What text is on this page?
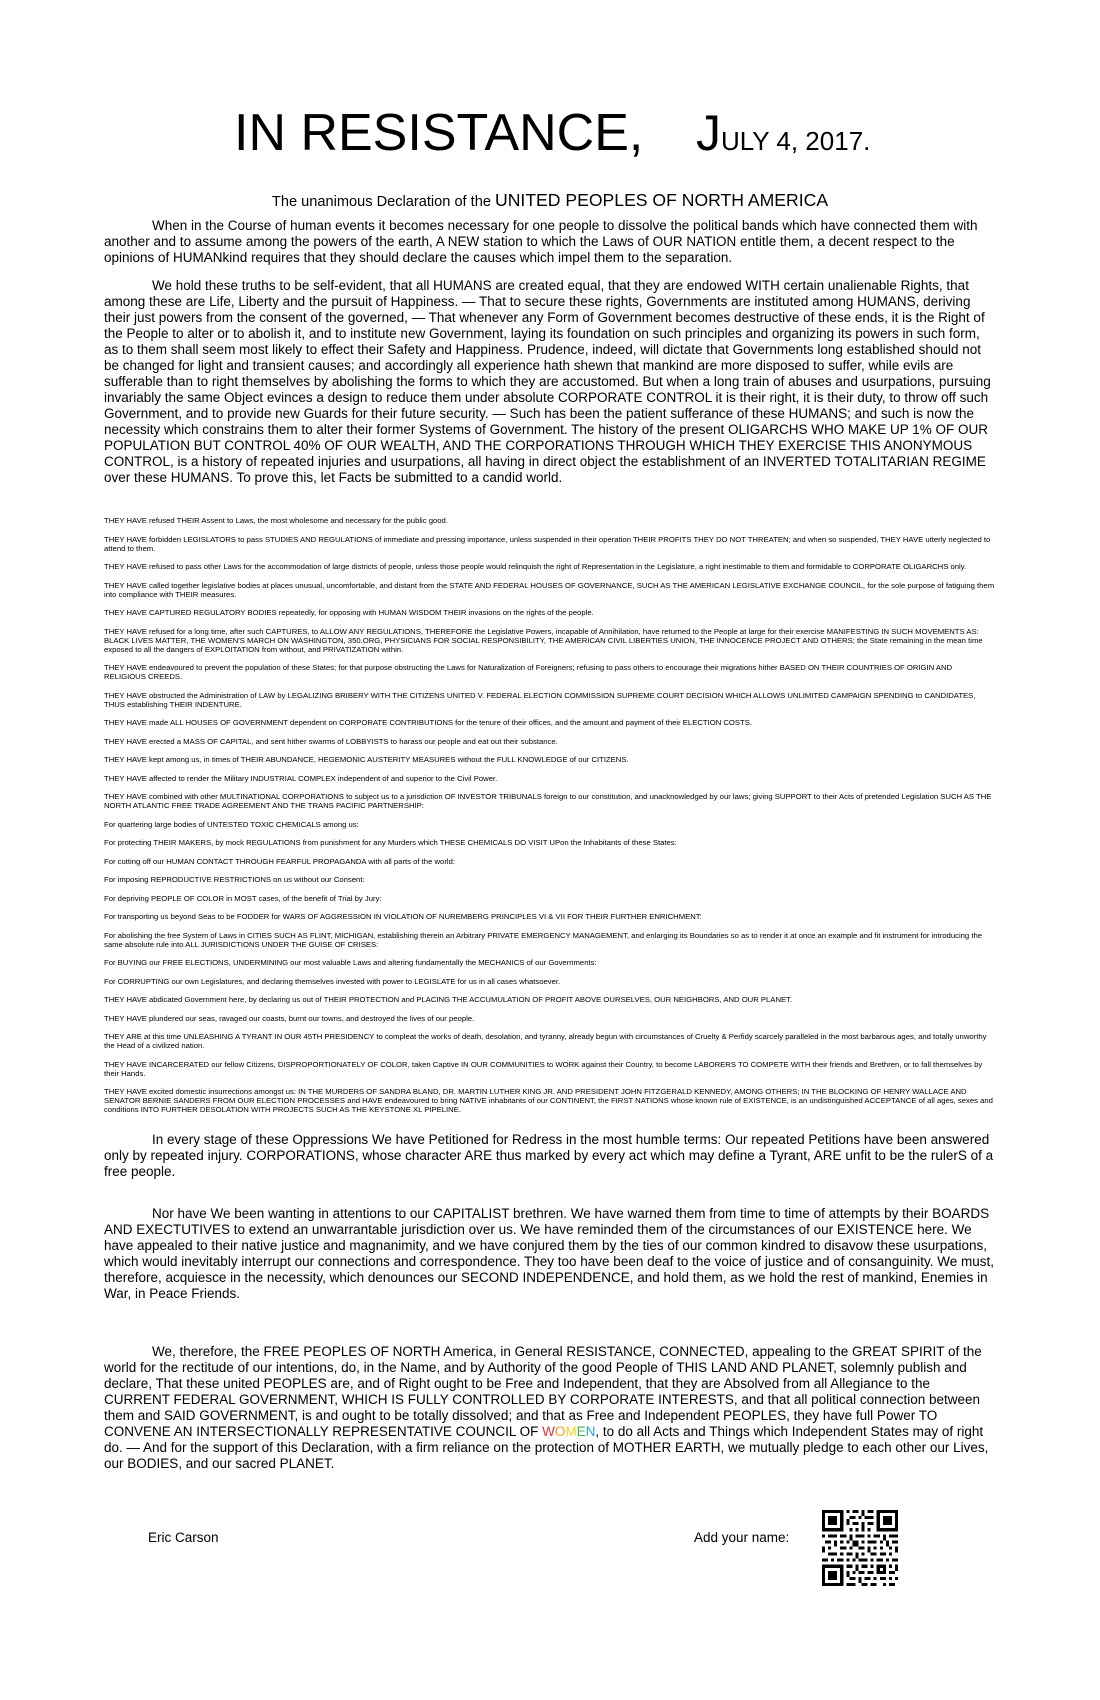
IN RESISTANCE, JULY 4, 2017.
The unanimous Declaration of the UNITED PEOPLES OF NORTH AMERICA

When in the Course of human events it becomes necessary for one people to dissolve the political bands which have connected them with another and to assume among the powers of the earth, A NEW station to which the Laws of OUR NATION entitle them, a decent respect to the opinions of HUMANkind requires that they should declare the causes which impel them to the separation.

We hold these truths to be self-evident, that all HUMANS are created equal, that they are endowed WITH certain unalienable Rights, that among these are Life, Liberty and the pursuit of Happiness. — That to secure these rights, Governments are instituted among HUMANS, deriving their just powers from the consent of the governed, — That whenever any Form of Government becomes destructive of these ends, it is the Right of the People to alter or to abolish it, and to institute new Government, laying its foundation on such principles and organizing its powers in such form, as to them shall seem most likely to effect their Safety and Happiness. Prudence, indeed, will dictate that Governments long established should not be changed for light and transient causes; and accordingly all experience hath shewn that mankind are more disposed to suffer, while evils are sufferable than to right themselves by abolishing the forms to which they are accustomed. But when a long train of abuses and usurpations, pursuing invariably the same Object evinces a design to reduce them under absolute CORPORATE CONTROL it is their right, it is their duty, to throw off such Government, and to provide new Guards for their future security. — Such has been the patient sufferance of these HUMANS; and such is now the necessity which constrains them to alter their former Systems of Government. The history of the present OLIGARCHS WHO MAKE UP 1% OF OUR POPULATION BUT CONTROL 40% OF OUR WEALTH, AND THE CORPORATIONS THROUGH WHICH THEY EXERCISE THIS ANONYMOUS CONTROL, is a history of repeated injuries and usurpations, all having in direct object the establishment of an INVERTED TOTALITARIAN REGIME over these HUMANS. To prove this, let Facts be submitted to a candid world.

THEY HAVE refused THEIR Assent to Laws, the most wholesome and necessary for the public good.

THEY HAVE forbidden LEGISLATORS to pass STUDIES AND REGULATIONS of immediate and pressing importance, unless suspended in their operation THEIR PROFITS THEY DO NOT THREATEN; and when so suspended, THEY HAVE utterly neglected to attend to them.

THEY HAVE refused to pass other Laws for the accommodation of large districts of people, unless those people would relinquish the right of Representation in the Legislature, a right inestimable to them and formidable to CORPORATE OLIGARCHS only.

THEY HAVE called together legislative bodies at places unusual, uncomfortable, and distant from the STATE AND FEDERAL HOUSES OF GOVERNANCE, SUCH AS THE AMERICAN LEGISLATIVE EXCHANGE COUNCIL, for the sole purpose of fatiguing them into compliance with THEIR measures.

THEY HAVE CAPTURED REGULATORY BODIES repeatedly, for opposing with HUMAN WISDOM THEIR invasions on the rights of the people.

THEY HAVE refused for a long time, after such CAPTURES, to ALLOW ANY REGULATIONS, THEREFORE the Legislative Powers, incapable of Annihilation, have returned to the People at large for their exercise MANIFESTING IN SUCH MOVEMENTS AS: BLACK LIVES MATTER, THE WOMEN'S MARCH ON WASHINGTON, 350.ORG, PHYSICIANS FOR SOCIAL RESPONSIBILITY, THE AMERICAN CIVIL LIBERTIES UNION, THE INNOCENCE PROJECT AND OTHERS; the State remaining in the mean time exposed to all the dangers of EXPLOITATION from without, and PRIVATIZATION within.

THEY HAVE endeavoured to prevent the population of these States; for that purpose obstructing the Laws for Naturalization of Foreigners; refusing to pass others to encourage their migrations hither BASED ON THEIR COUNTRIES OF ORIGIN AND RELIGIOUS CREEDS.

THEY HAVE obstructed the Administration of LAW by LEGALIZING BRIBERY WITH THE CITIZENS UNITED V. FEDERAL ELECTION COMMISSION SUPREME COURT DECISION WHICH ALLOWS UNLIMITED CAMPAIGN SPENDING to CANDIDATES, THUS establishing THEIR INDENTURE.

THEY HAVE made ALL HOUSES OF GOVERNMENT dependent on CORPORATE CONTRIBUTIONS for the tenure of their offices, and the amount and payment of their ELECTION COSTS.

THEY HAVE erected a MASS OF CAPITAL, and sent hither swarms of LOBBYISTS to harass our people and eat out their substance.

THEY HAVE kept among us, in times of THEIR ABUNDANCE, HEGEMONIC AUSTERITY MEASURES without the FULL KNOWLEDGE of our CITIZENS.

THEY HAVE affected to render the Military INDUSTRIAL COMPLEX independent of and superior to the Civil Power.

THEY HAVE combined with other MULTINATIONAL CORPORATIONS to subject us to a jurisdiction OF INVESTOR TRIBUNALS foreign to our constitution, and unacknowledged by our laws; giving SUPPORT to their Acts of pretended Legislation SUCH AS THE NORTH ATLANTIC FREE TRADE AGREEMENT AND THE TRANS PACIFIC PARTNERSHIP:

For quartering large bodies of UNTESTED TOXIC CHEMICALS among us:

For protecting THEIR MAKERS, by mock REGULATIONS from punishment for any Murders which THESE CHEMICALS DO VISIT UPon the Inhabitants of these States:

For cutting off our HUMAN CONTACT THROUGH FEARFUL PROPAGANDA with all parts of the world:

For imposing REPRODUCTIVE RESTRICTIONS on us without our Consent:

For depriving PEOPLE OF COLOR in MOST cases, of the benefit of Trial by Jury:

For transporting us beyond Seas to be FODDER for WARS OF AGGRESSION IN VIOLATION OF NUREMBERG PRINCIPLES VI & VII FOR THEIR FURTHER ENRICHMENT:

For abolishing the free System of Laws in CITIES SUCH AS FLINT, MICHIGAN, establishing therein an Arbitrary PRIVATE EMERGENCY MANAGEMENT, and enlarging its Boundaries so as to render it at once an example and fit instrument for introducing the same absolute rule into ALL JURISDICTIONS UNDER THE GUISE OF CRISES:

For BUYING our FREE ELECTIONS, UNDERMINING our most valuable Laws and altering fundamentally the MECHANICS of our Governments:

For CORRUPTING our own Legislatures, and declaring themselves invested with power to LEGISLATE for us in all cases whatsoever.

THEY HAVE abdicated Government here, by declaring us out of THEIR PROTECTION and PLACING THE ACCUMULATION OF PROFIT ABOVE OURSELVES, OUR NEIGHBORS, AND OUR PLANET.

THEY HAVE plundered our seas, ravaged our coasts, burnt our towns, and destroyed the lives of our people.

THEY ARE at this time UNLEASHING A TYRANT IN OUR 45TH PRESIDENCY to compleat the works of death, desolation, and tyranny, already begun with circumstances of Cruelty & Perfidy scarcely paralleled in the most barbarous ages, and totally unworthy the Head of a civilized nation.

THEY HAVE INCARCERATED our fellow Citizens, DISPROPORTIONATELY OF COLOR, taken Captive IN OUR COMMUNITIES to WORK against their Country, to become LABORERS TO COMPETE WITH their friends and Brethren, or to fall themselves by their Hands.

THEY HAVE excited domestic insurrections amongst us: IN THE MURDERS OF SANDRA BLAND, DR. MARTIN LUTHER KING JR. AND PRESIDENT JOHN FITZGERALD KENNEDY, AMONG OTHERS; IN THE BLOCKING OF HENRY WALLACE AND SENATOR BERNIE SANDERS FROM OUR ELECTION PROCESSES and HAVE endeavoured to bring NATIVE inhabitants of our CONTINENT, the FIRST NATIONS whose known rule of EXISTENCE, is an undistinguished ACCEPTANCE of all ages, sexes and conditions INTO FURTHER DESOLATION WITH PROJECTS SUCH AS THE KEYSTONE XL PIPELINE.

In every stage of these Oppressions We have Petitioned for Redress in the most humble terms: Our repeated Petitions have been answered only by repeated injury. CORPORATIONS, whose character ARE thus marked by every act which may define a Tyrant, ARE unfit to be the rulerS of a free people.

Nor have We been wanting in attentions to our CAPITALIST brethren. We have warned them from time to time of attempts by their BOARDS AND EXECTUTIVES to extend an unwarrantable jurisdiction over us. We have reminded them of the circumstances of our EXISTENCE here. We have appealed to their native justice and magnanimity, and we have conjured them by the ties of our common kindred to disavow these usurpations, which would inevitably interrupt our connections and correspondence. They too have been deaf to the voice of justice and of consanguinity. We must, therefore, acquiesce in the necessity, which denounces our SECOND INDEPENDENCE, and hold them, as we hold the rest of mankind, Enemies in War, in Peace Friends.

We, therefore, the FREE PEOPLES OF NORTH America, in General RESISTANCE, CONNECTED, appealing to the GREAT SPIRIT of the world for the rectitude of our intentions, do, in the Name, and by Authority of the good People of THIS LAND AND PLANET, solemnly publish and declare, That these united PEOPLES are, and of Right ought to be Free and Independent, that they are Absolved from all Allegiance to the CURRENT FEDERAL GOVERNMENT, WHICH IS FULLY CONTROLLED BY CORPORATE INTERESTS, and that all political connection between them and SAID GOVERNMENT, is and ought to be totally dissolved; and that as Free and Independent PEOPLES, they have full Power TO CONVENE AN INTERSECTIONALLY REPRESENTATIVE COUNCIL OF WOMEN, to do all Acts and Things which Independent States may of right do. — And for the support of this Declaration, with a firm reliance on the protection of MOTHER EARTH, we mutually pledge to each other our Lives, our BODIES, and our sacred PLANET.

Eric Carson	Add your name:
